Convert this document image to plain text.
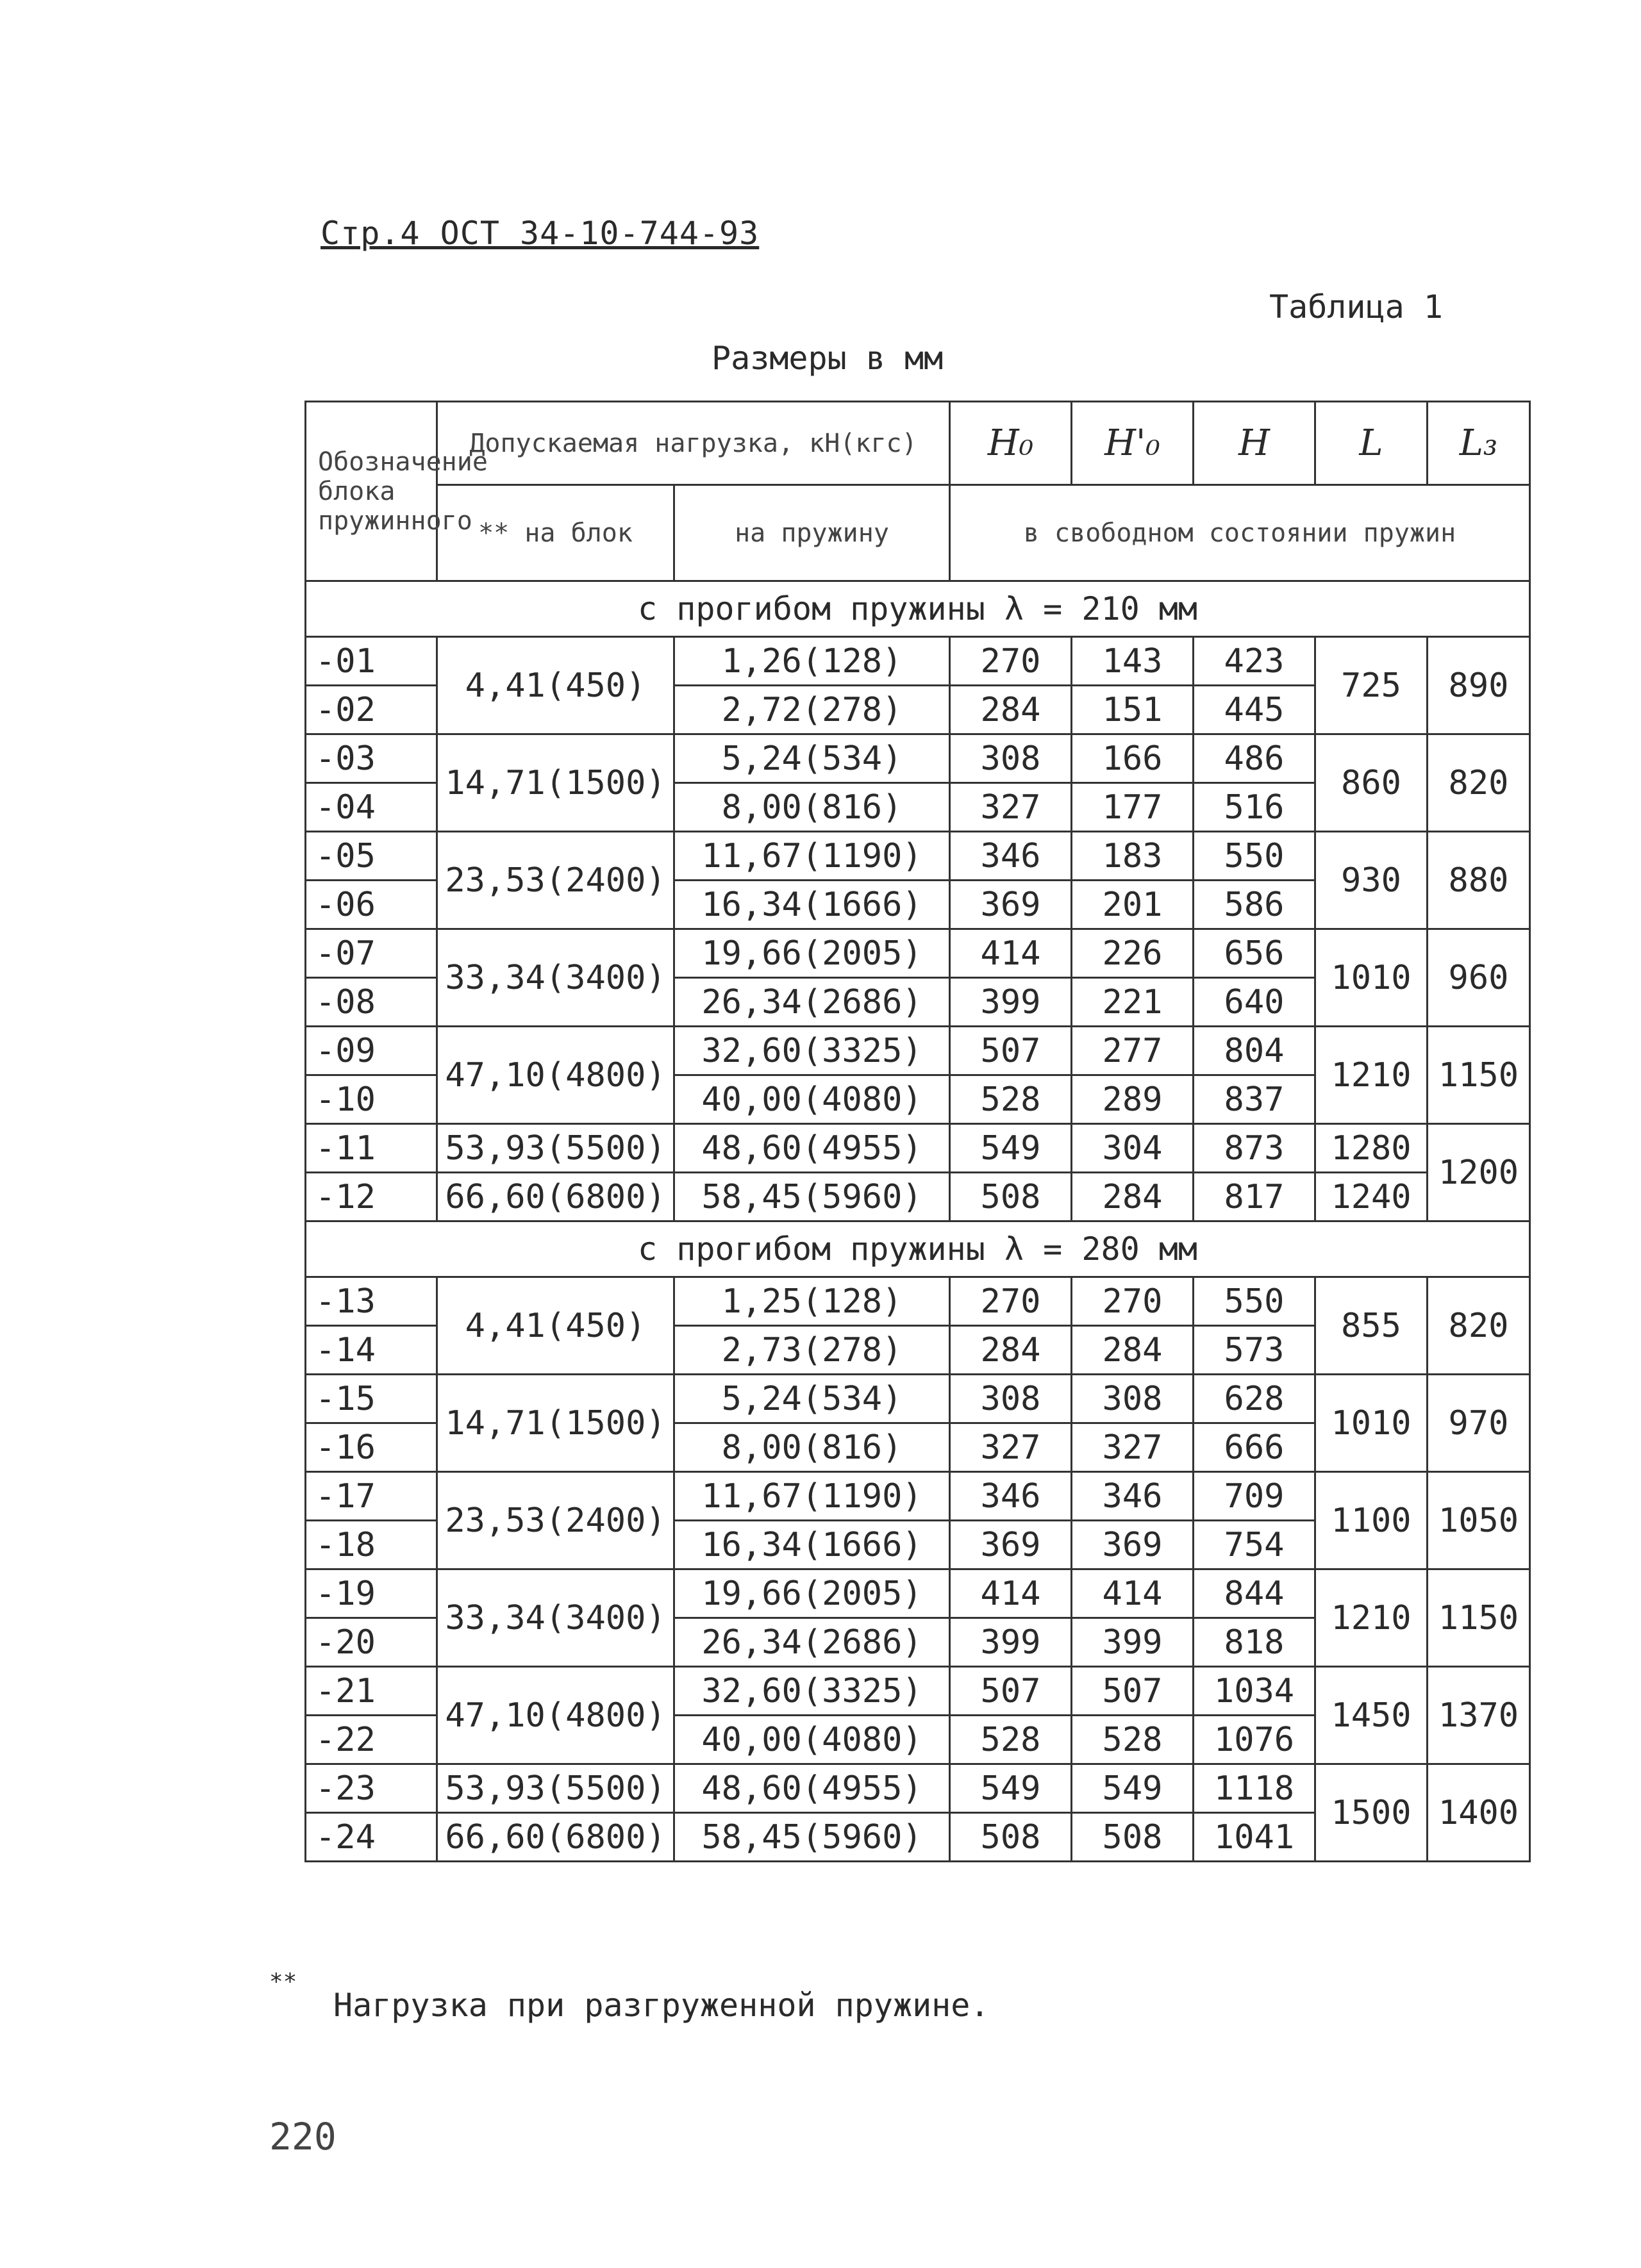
Стр.4 ОСТ 34-10-744-93
Таблица 1
Размеры в мм
Обозначение блока пружинного	Допускаемая нагрузка, кН(кгс)		H₀	H'₀	H	L	L₃
	** на блок	на пружину	в свободном состоянии пружин				
с прогибом пружины λ = 210 мм							
-01	4,41(450)	1,26(128)	270	143	423	725	890
-02		2,72(278)	284	151	445		
-03	14,71(1500)	5,24(534)	308	166	486	860	820
-04		8,00(816)	327	177	516		
-05	23,53(2400)	11,67(1190)	346	183	550	930	880
-06		16,34(1666)	369	201	586		
-07	33,34(3400)	19,66(2005)	414	226	656	1010	960
-08		26,34(2686)	399	221	640		
-09	47,10(4800)	32,60(3325)	507	277	804	1210	1150
-10		40,00(4080)	528	289	837		
-11	53,93(5500)	48,60(4955)	549	304	873	1280	1200
-12	66,60(6800)	58,45(5960)	508	284	817	1240	
с прогибом пружины λ = 280 мм							
-13	4,41(450)	1,25(128)	270	270	550	855	820
-14		2,73(278)	284	284	573		
-15	14,71(1500)	5,24(534)	308	308	628	1010	970
-16		8,00(816)	327	327	666		
-17	23,53(2400)	11,67(1190)	346	346	709	1100	1050
-18		16,34(1666)	369	369	754		
-19	33,34(3400)	19,66(2005)	414	414	844	1210	1150
-20		26,34(2686)	399	399	818		
-21	47,10(4800)	32,60(3325)	507	507	1034	1450	1370
-22		40,00(4080)	528	528	1076		
-23	53,93(5500)	48,60(4955)	549	549	1118	1500	1400
-24	66,60(6800)	58,45(5960)	508	508	1041		
**
Нагрузка при разгруженной пружине.
220
